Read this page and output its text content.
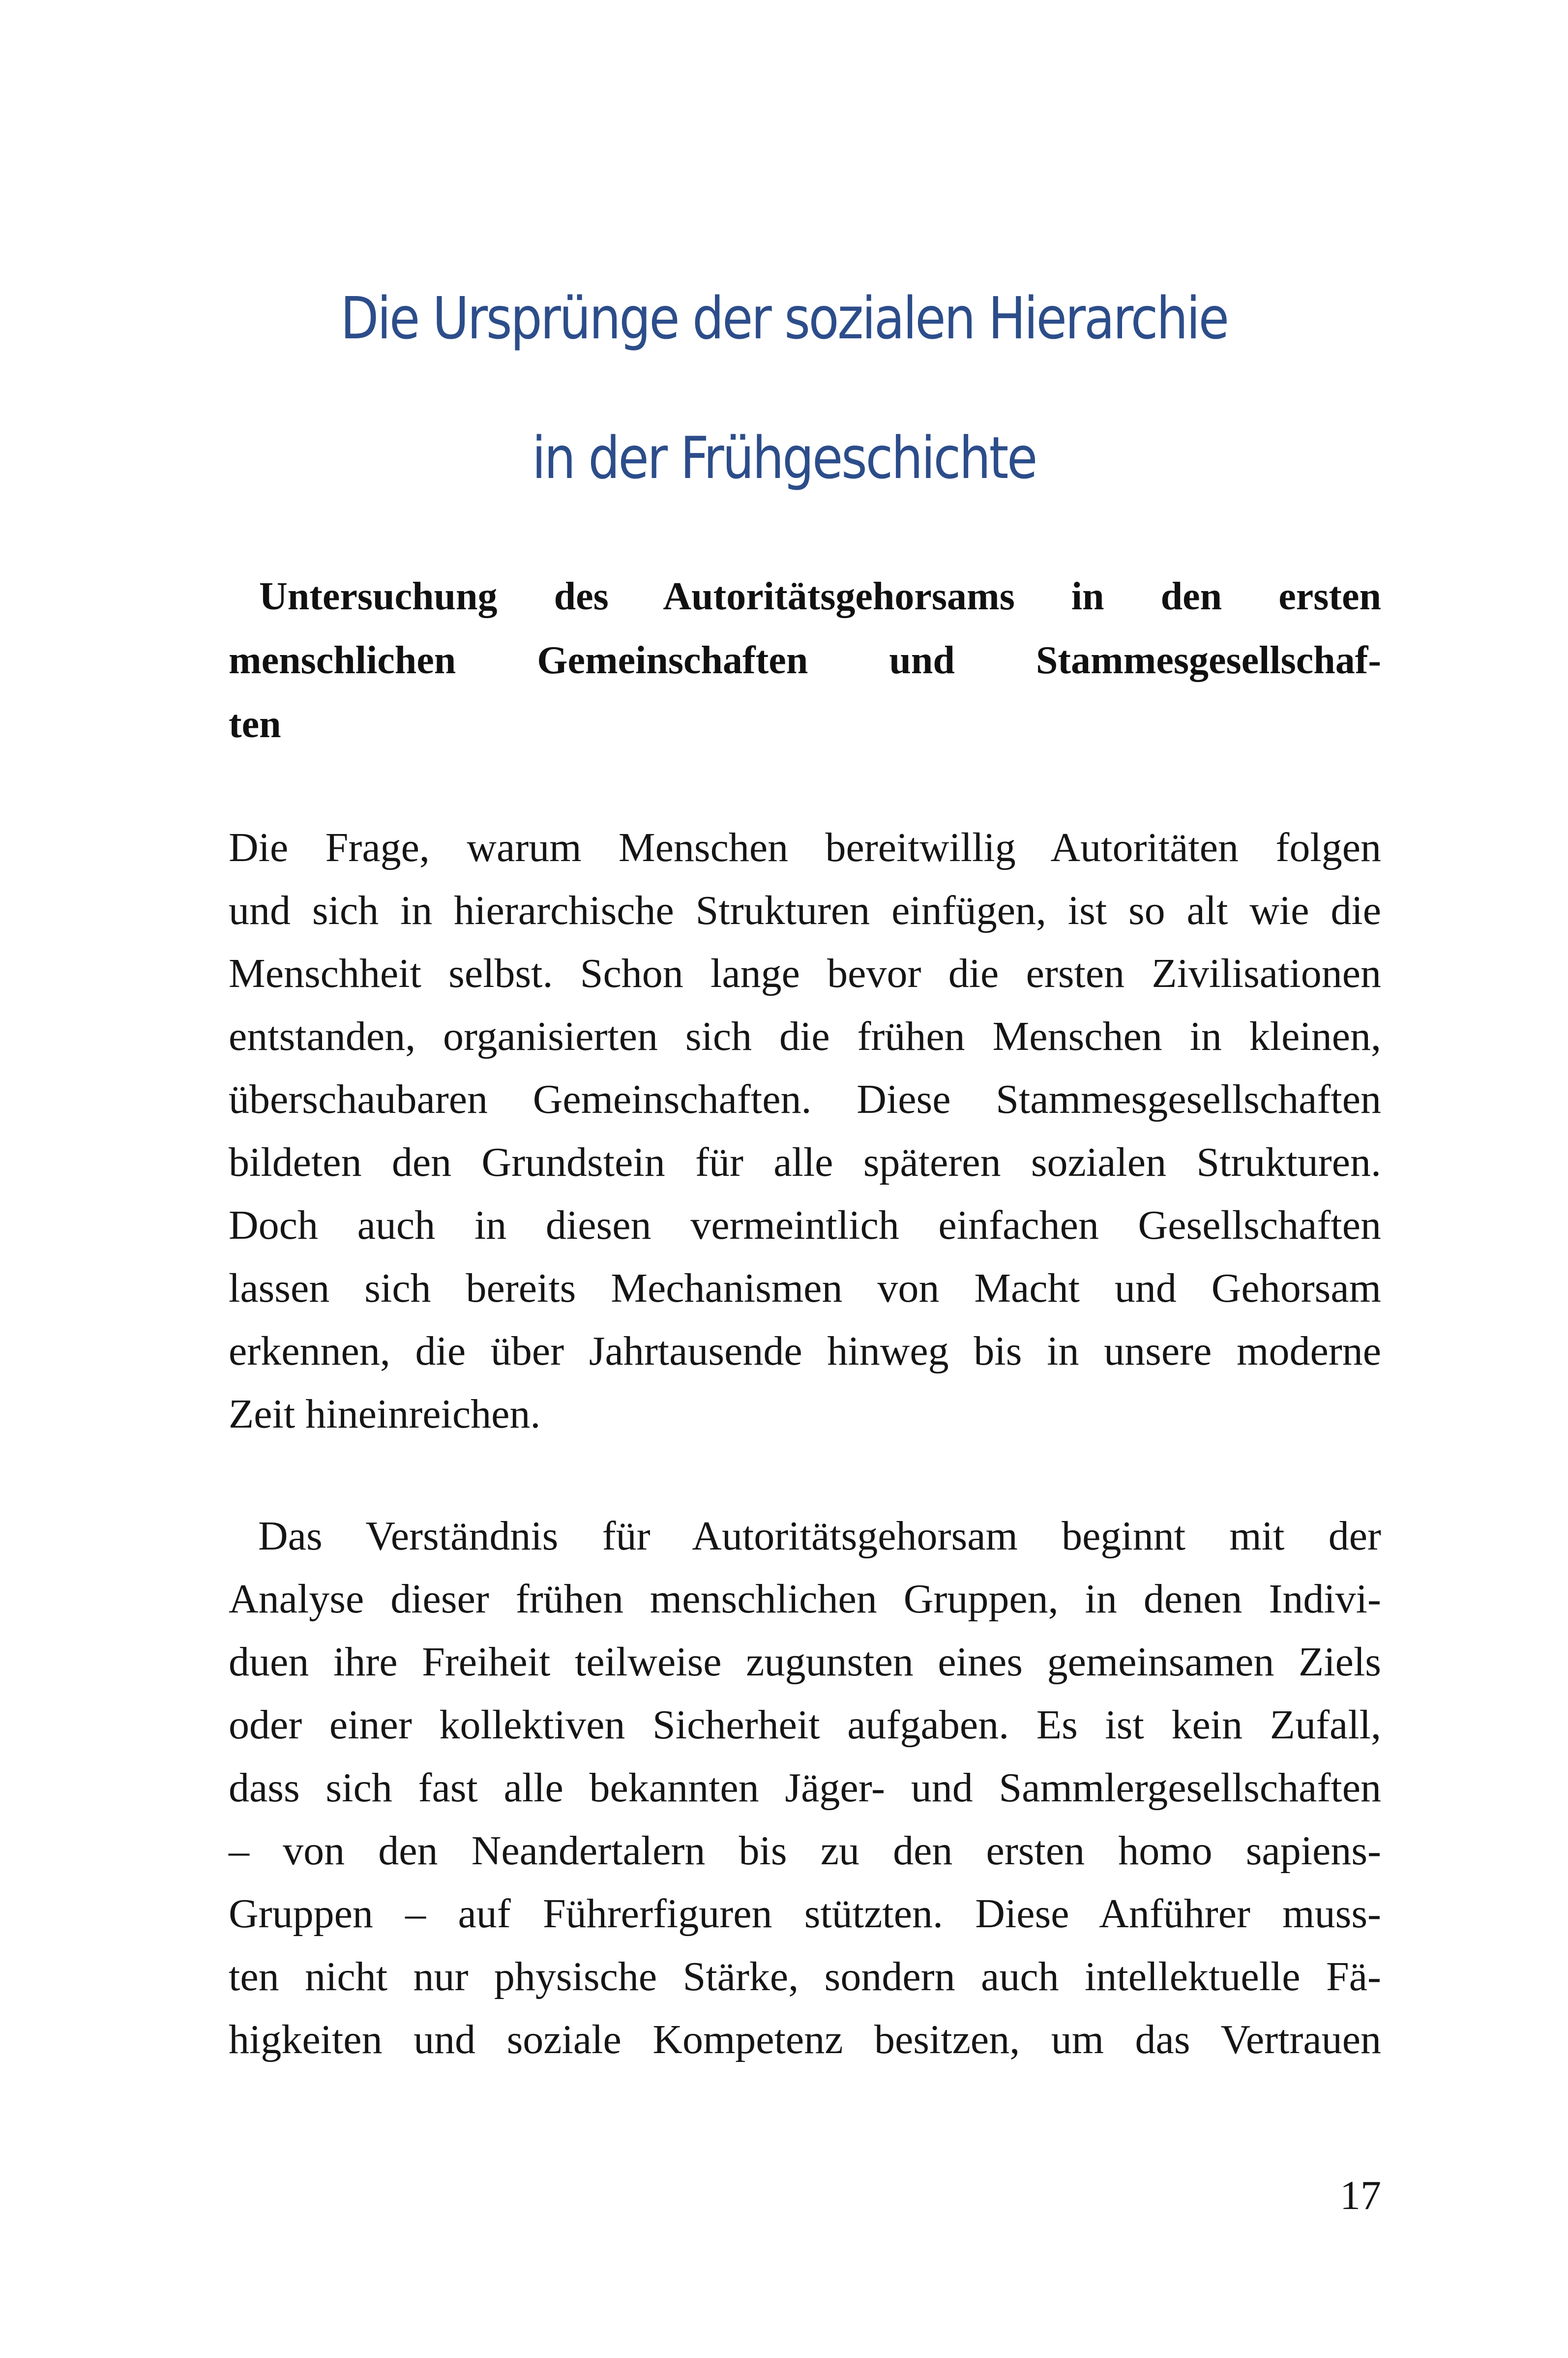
Die Ursprünge der sozialen Hierarchie
in der Frühgeschichte
Untersuchung des Autoritätsgehorsams in den ersten
menschlichen Gemeinschaften und Stammesgesellschaf-
ten
Die Frage, warum Menschen bereitwillig Autoritäten folgen
und sich in hierarchische Strukturen einfügen, ist so alt wie die
Menschheit selbst. Schon lange bevor die ersten Zivilisationen
entstanden, organisierten sich die frühen Menschen in kleinen,
überschaubaren Gemeinschaften. Diese Stammesgesellschaften
bildeten den Grundstein für alle späteren sozialen Strukturen.
Doch auch in diesen vermeintlich einfachen Gesellschaften
lassen sich bereits Mechanismen von Macht und Gehorsam
erkennen, die über Jahrtausende hinweg bis in unsere moderne
Zeit hineinreichen.
Das Verständnis für Autoritätsgehorsam beginnt mit der
Analyse dieser frühen menschlichen Gruppen, in denen Indivi-
duen ihre Freiheit teilweise zugunsten eines gemeinsamen Ziels
oder einer kollektiven Sicherheit aufgaben. Es ist kein Zufall,
dass sich fast alle bekannten Jäger- und Sammlergesellschaften
– von den Neandertalern bis zu den ersten homo sapiens-
Gruppen – auf Führerfiguren stützten. Diese Anführer muss-
ten nicht nur physische Stärke, sondern auch intellektuelle Fä-
higkeiten und soziale Kompetenz besitzen, um das Vertrauen
17
